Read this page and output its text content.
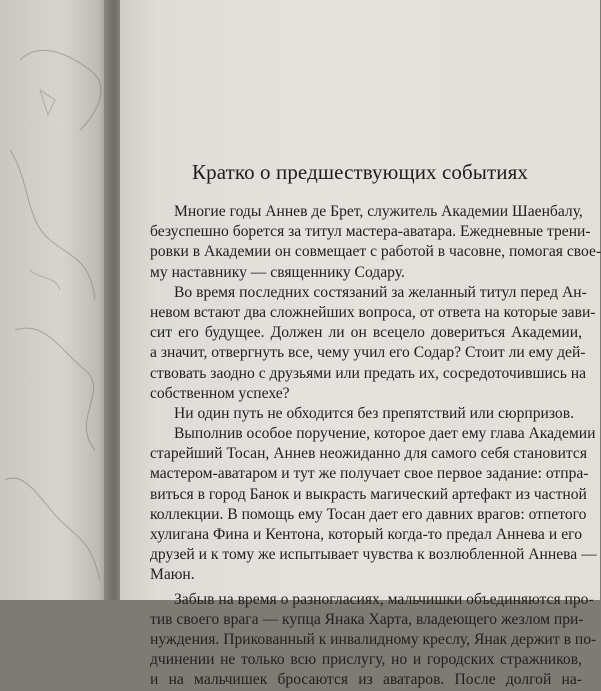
Кратко о предшествующих событиях
Многие годы Аннев де Брет, служитель Академии Шаенбалу,
безуспешно борется за титул мастера-аватара. Ежедневные трени-
ровки в Академии он совмещает с работой в часовне, помогая свое-
му наставнику — священнику Содару.
Во время последних состязаний за желанный титул перед Ан-
невом встают два сложнейших вопроса, от ответа на которые зави-
сит его будущее. Должен ли он всецело довериться Академии,
а значит, отвергнуть все, чему учил его Содар? Стоит ли ему дей-
ствовать заодно с друзьями или предать их, сосредоточившись на
собственном успехе?
Ни один путь не обходится без препятствий или сюрпризов.
Выполнив особое поручение, которое дает ему глава Академии
старейший Тосан, Аннев неожиданно для самого себя становится
мастером-аватаром и тут же получает свое первое задание: отпра-
виться в город Банок и выкрасть магический артефакт из частной
коллекции. В помощь ему Тосан дает его давних врагов: отпетого
хулигана Фина и Кентона, который когда-то предал Аннева и его
друзей и к тому же испытывает чувства к возлюбленной Аннева —
Маюн.
Забыв на время о разногласиях, мальчишки объединяются про-
тив своего врага — купца Янака Харта, владеющего жезлом при-
нуждения. Прикованный к инвалидному креслу, Янак держит в по-
дчинении не только всю прислугу, но и городских стражников,
и на мальчишек бросаются из аватаров. После долгой на-
